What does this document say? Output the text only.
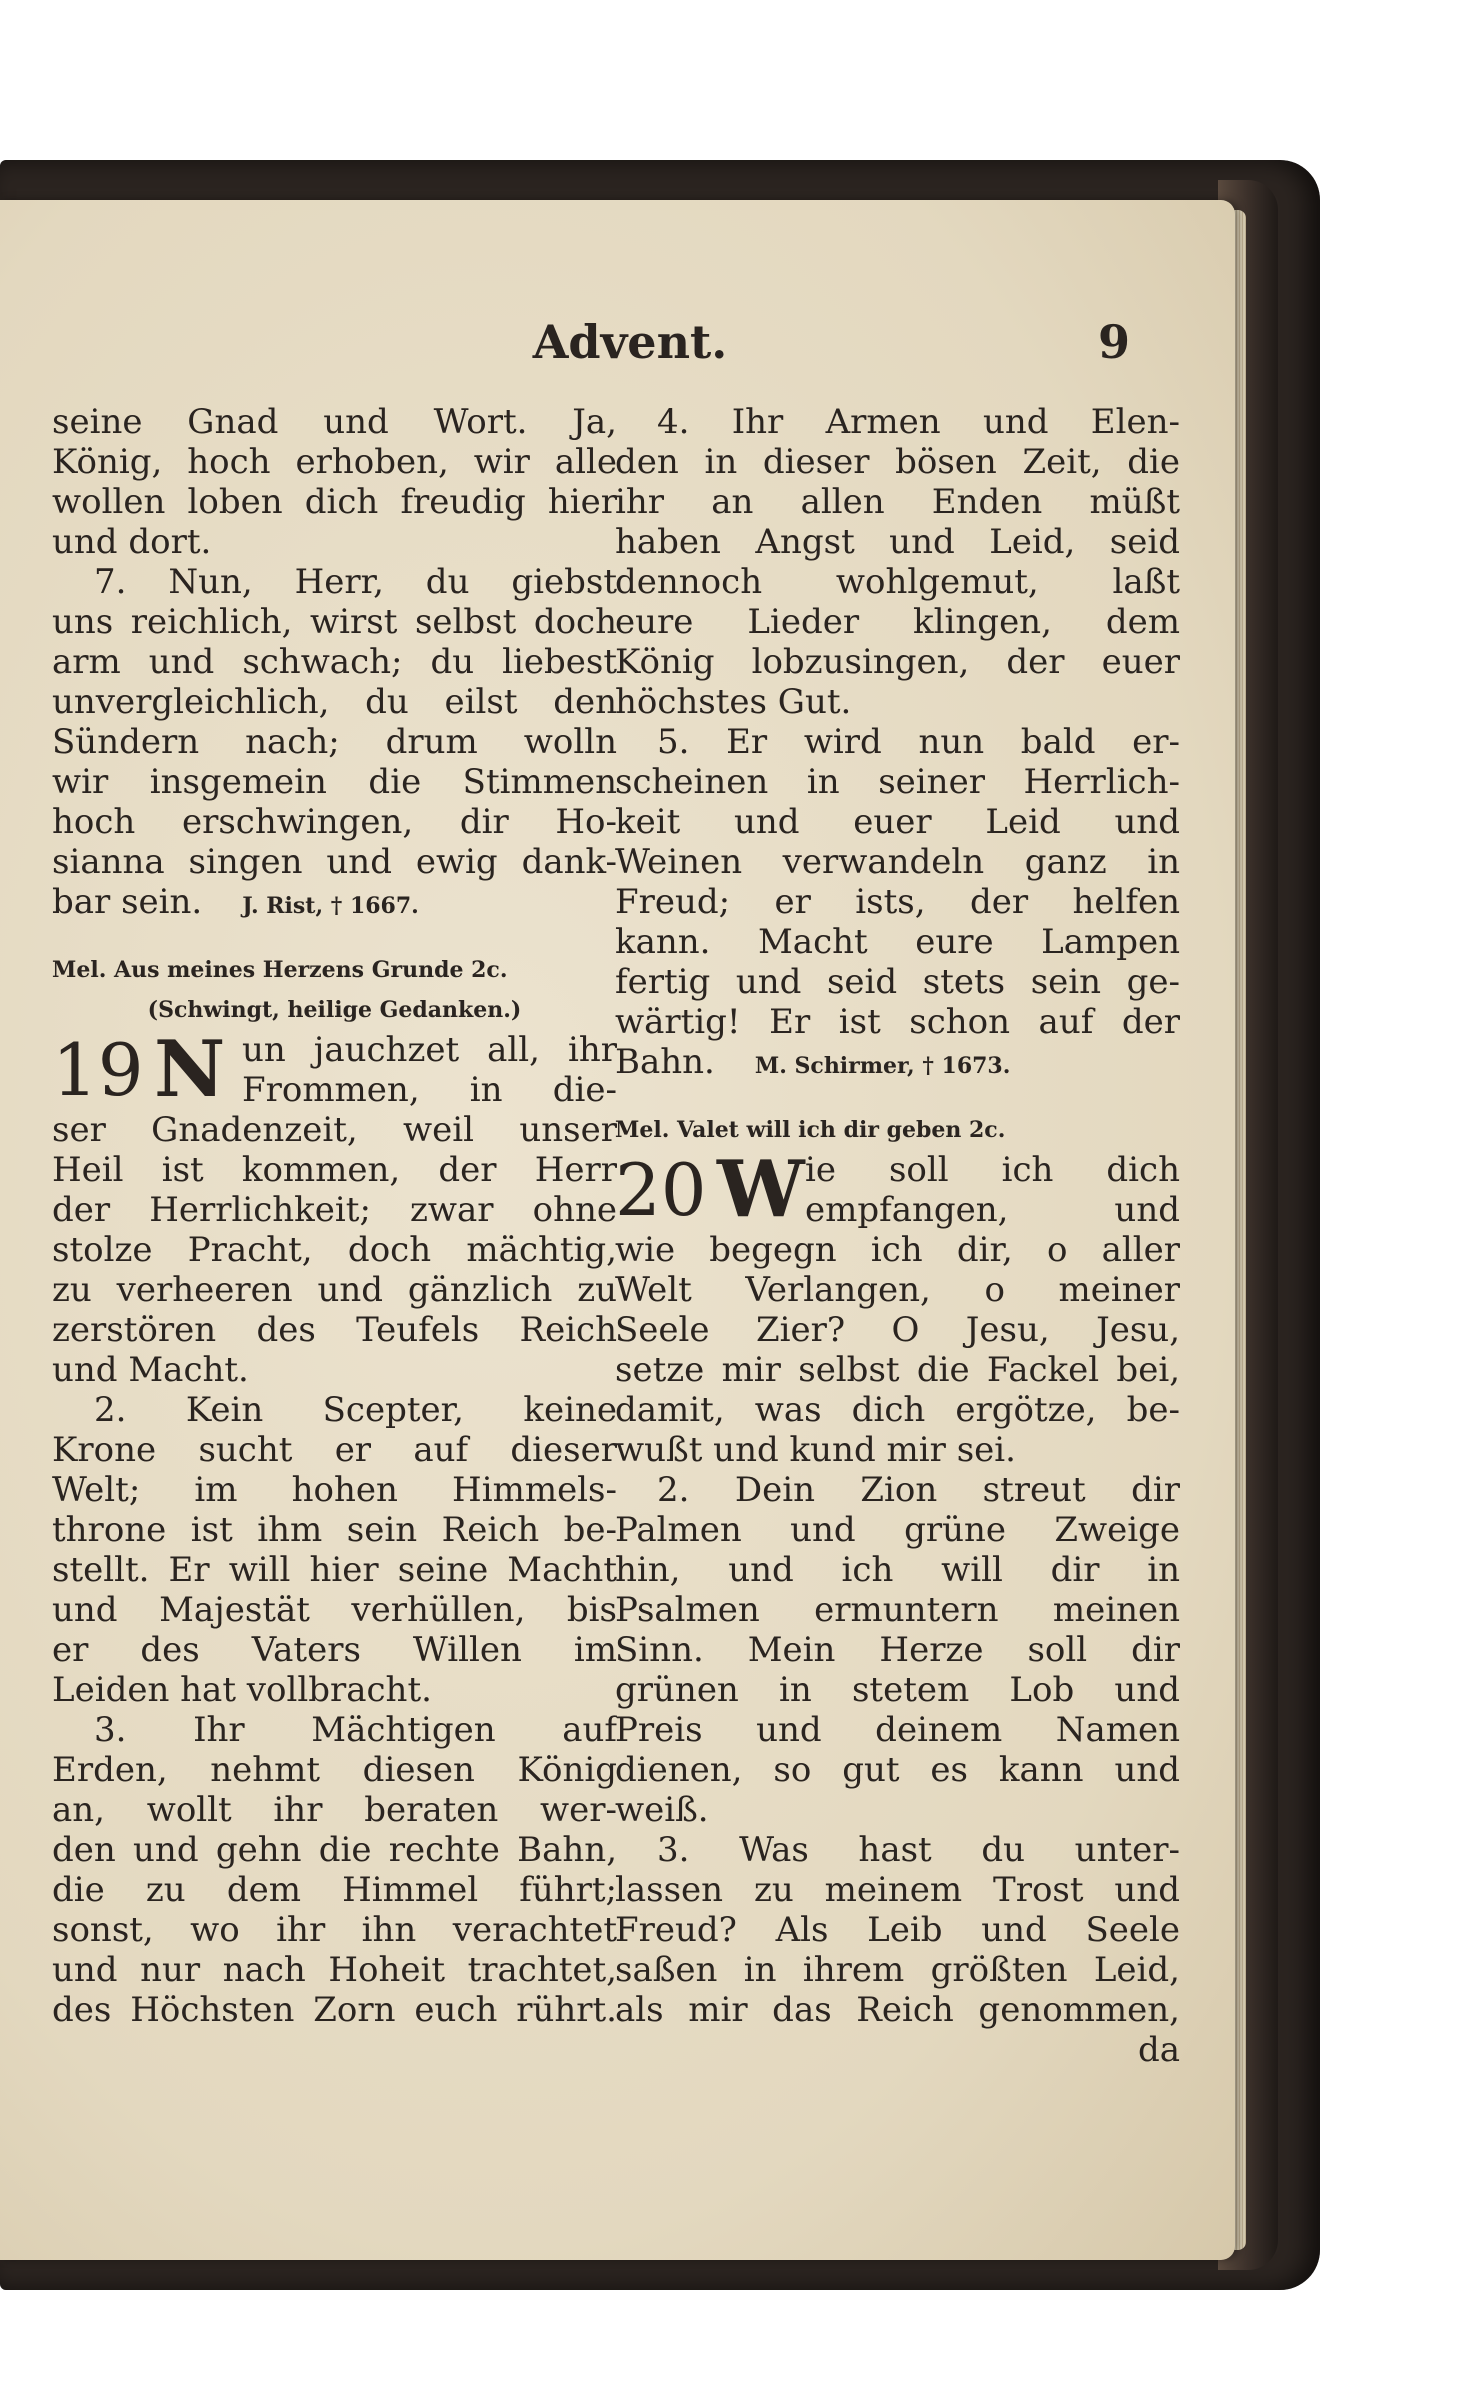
Advent.	9
seine Gnad und Wort. Ja,
König, hoch erhoben, wir alle
wollen loben dich freudig hier
und dort.
7. Nun, Herr, du giebst
uns reichlich, wirst selbst doch
arm und schwach; du liebest
unvergleichlich, du eilst den
Sündern nach; drum wolln
wir insgemein die Stimmen
hoch erschwingen, dir Ho-
sianna singen und ewig dank-
bar sein. J. Rist, † 1667.
Mel. Aus meines Herzens Grunde 2c.
(Schwingt, heilige Gedanken.)
19 N un jauchzet all, ihr
Frommen, in die-
ser Gnadenzeit, weil unser
Heil ist kommen, der Herr
der Herrlichkeit; zwar ohne
stolze Pracht, doch mächtig,
zu verheeren und gänzlich zu
zerstören des Teufels Reich
und Macht.
2. Kein Scepter, keine
Krone sucht er auf dieser
Welt; im hohen Himmels-
throne ist ihm sein Reich be-
stellt. Er will hier seine Macht
und Majestät verhüllen, bis
er des Vaters Willen im
Leiden hat vollbracht.
3. Ihr Mächtigen auf
Erden, nehmt diesen König
an, wollt ihr beraten wer-
den und gehn die rechte Bahn,
die zu dem Himmel führt;
sonst, wo ihr ihn verachtet
und nur nach Hoheit trachtet,
des Höchsten Zorn euch rührt.
4. Ihr Armen und Elen-
den in dieser bösen Zeit, die
ihr an allen Enden müßt
haben Angst und Leid, seid
dennoch wohlgemut, laßt
eure Lieder klingen, dem
König lobzusingen, der euer
höchstes Gut.
5. Er wird nun bald er-
scheinen in seiner Herrlich-
keit und euer Leid und
Weinen verwandeln ganz in
Freud; er ists, der helfen
kann. Macht eure Lampen
fertig und seid stets sein ge-
wärtig! Er ist schon auf der
Bahn. M. Schirmer, † 1673.
Mel. Valet will ich dir geben 2c.
20 W ie soll ich dich
empfangen, und
wie begegn ich dir, o aller
Welt Verlangen, o meiner
Seele Zier? O Jesu, Jesu,
setze mir selbst die Fackel bei,
damit, was dich ergötze, be-
wußt und kund mir sei.
2. Dein Zion streut dir
Palmen und grüne Zweige
hin, und ich will dir in
Psalmen ermuntern meinen
Sinn. Mein Herze soll dir
grünen in stetem Lob und
Preis und deinem Namen
dienen, so gut es kann und
weiß.
3. Was hast du unter-
lassen zu meinem Trost und
Freud? Als Leib und Seele
saßen in ihrem größten Leid,
als mir das Reich genommen,
da
